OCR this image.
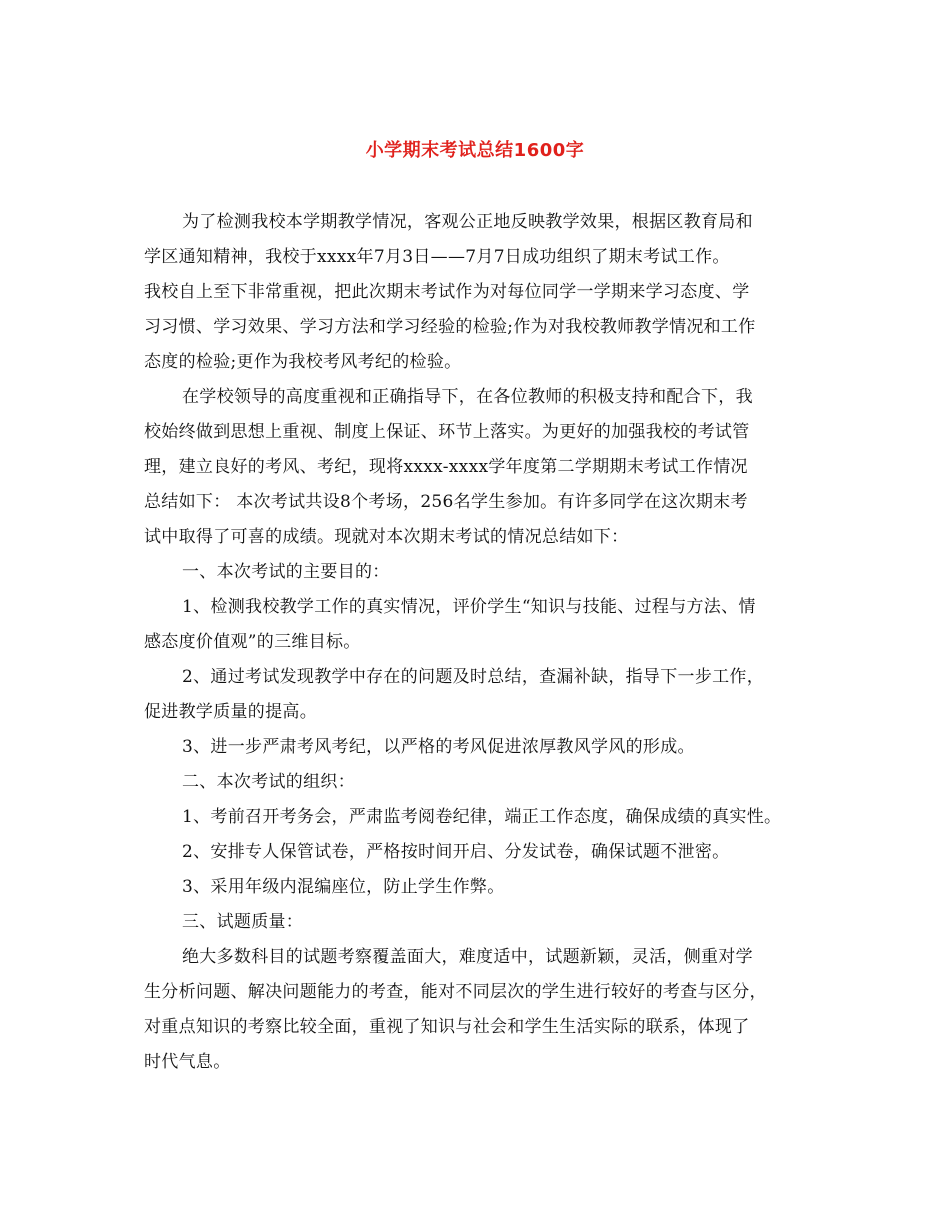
小学期末考试总结1600字
为了检测我校本学期教学情况，客观公正地反映教学效果，根据区教育局和
学区通知精神，我校于xxxx年7月3日——7月7日成功组织了期末考试工作。
我校自上至下非常重视，把此次期末考试作为对每位同学一学期来学习态度、学
习习惯、学习效果、学习方法和学习经验的检验;作为对我校教师教学情况和工作
态度的检验;更作为我校考风考纪的检验。
在学校领导的高度重视和正确指导下，在各位教师的积极支持和配合下，我
校始终做到思想上重视、制度上保证、环节上落实。为更好的加强我校的考试管
理，建立良好的考风、考纪，现将xxxx-xxxx学年度第二学期期末考试工作情况
总结如下： 本次考试共设8个考场，256名学生参加。有许多同学在这次期末考
试中取得了可喜的成绩。现就对本次期末考试的情况总结如下：
一、本次考试的主要目的：
1、检测我校教学工作的真实情况，评价学生“知识与技能、过程与方法、情
感态度价值观”的三维目标。
2、通过考试发现教学中存在的问题及时总结，查漏补缺，指导下一步工作，
促进教学质量的提高。
3、进一步严肃考风考纪，以严格的考风促进浓厚教风学风的形成。
二、本次考试的组织：
1、考前召开考务会，严肃监考阅卷纪律，端正工作态度，确保成绩的真实性。
2、安排专人保管试卷，严格按时间开启、分发试卷，确保试题不泄密。
3、采用年级内混编座位，防止学生作弊。
三、试题质量：
绝大多数科目的试题考察覆盖面大，难度适中，试题新颖，灵活，侧重对学
生分析问题、解决问题能力的考查，能对不同层次的学生进行较好的考查与区分，
对重点知识的考察比较全面，重视了知识与社会和学生生活实际的联系，体现了
时代气息。
